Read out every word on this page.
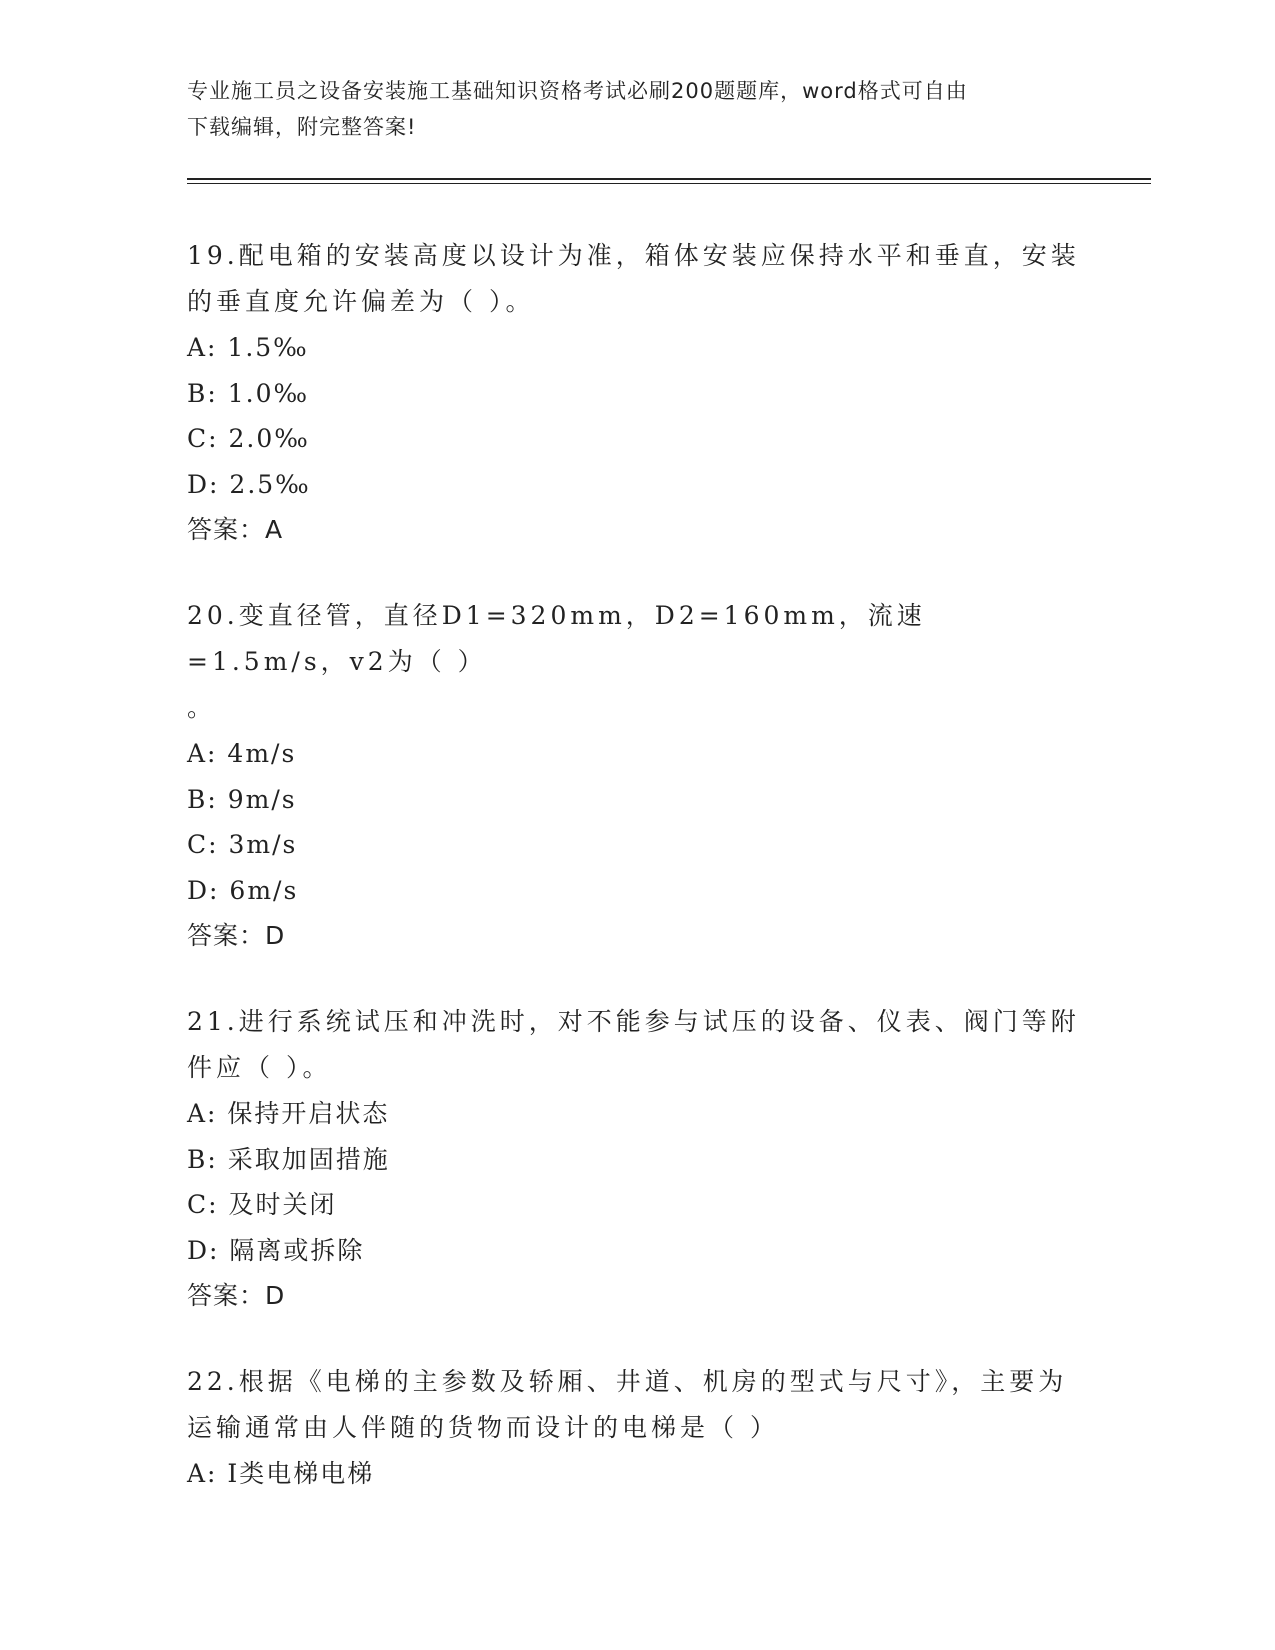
专业施工员之设备安装施工基础知识资格考试必刷200题题库，word格式可自由
下载编辑，附完整答案!
19.配电箱的安装高度以设计为准，箱体安装应保持水平和垂直，安装
的垂直度允许偏差为（ ）。
A: 1.5‰
B: 1.0‰
C: 2.0‰
D: 2.5‰
答案：A
20.变直径管，直径D1=320mm，D2=160mm，流速=1.5m/s，v2为（ ）
。
A: 4m/s
B: 9m/s
C: 3m/s
D: 6m/s
答案：D
21.进行系统试压和冲洗时，对不能参与试压的设备、仪表、阀门等附
件应（ ）。
A: 保持开启状态
B: 采取加固措施
C: 及时关闭
D: 隔离或拆除
答案：D
22.根据《电梯的主参数及轿厢、井道、机房的型式与尺寸》，主要为
运输通常由人伴随的货物而设计的电梯是（ ）
A: Ⅰ类电梯电梯
